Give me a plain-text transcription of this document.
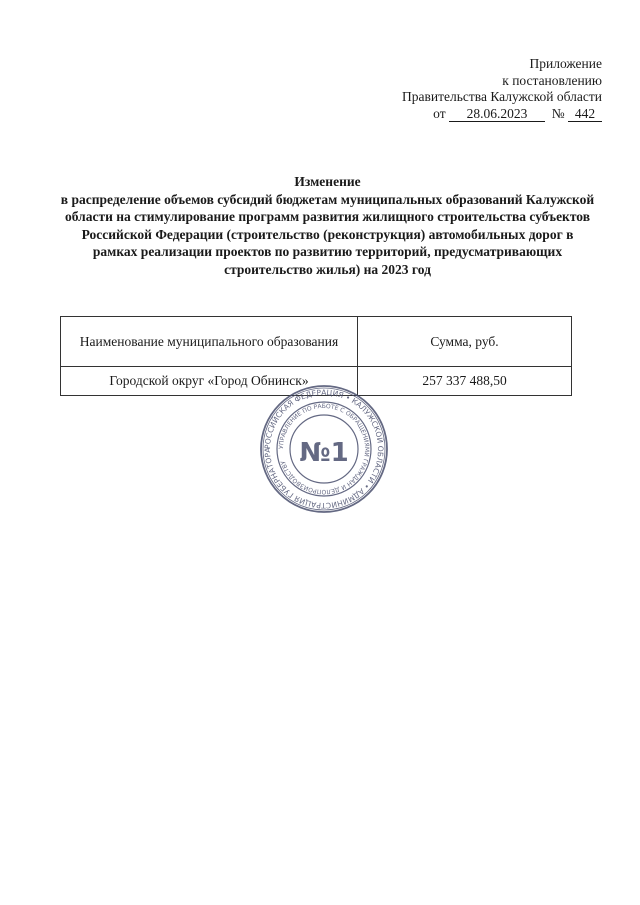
Приложение
к постановлению
Правительства Калужской области
от 28.06.2023 № 442
Изменение
в распределение объемов субсидий бюджетам муниципальных образований Калужской области на стимулирование программ развития жилищного строительства субъектов Российской Федерации (строительство (реконструкция) автомобильных дорог в рамках реализации проектов по развитию территорий, предусматривающих строительство жилья) на 2023 год
Наименование муниципального образования	Сумма, руб.
Городской округ «Город Обнинск»	257 337 488,50
РОССИЙСКАЯ ФЕДЕРАЦИЯ • КАЛУЖСКОЙ ОБЛАСТИ • АДМИНИСТРАЦИЯ ГУБЕРНАТОРА
УПРАВЛЕНИЕ ПО РАБОТЕ С ОБРАЩЕНИЯМИ ГРАЖДАН И ДЕЛОПРОИЗВОДСТВУ №1
